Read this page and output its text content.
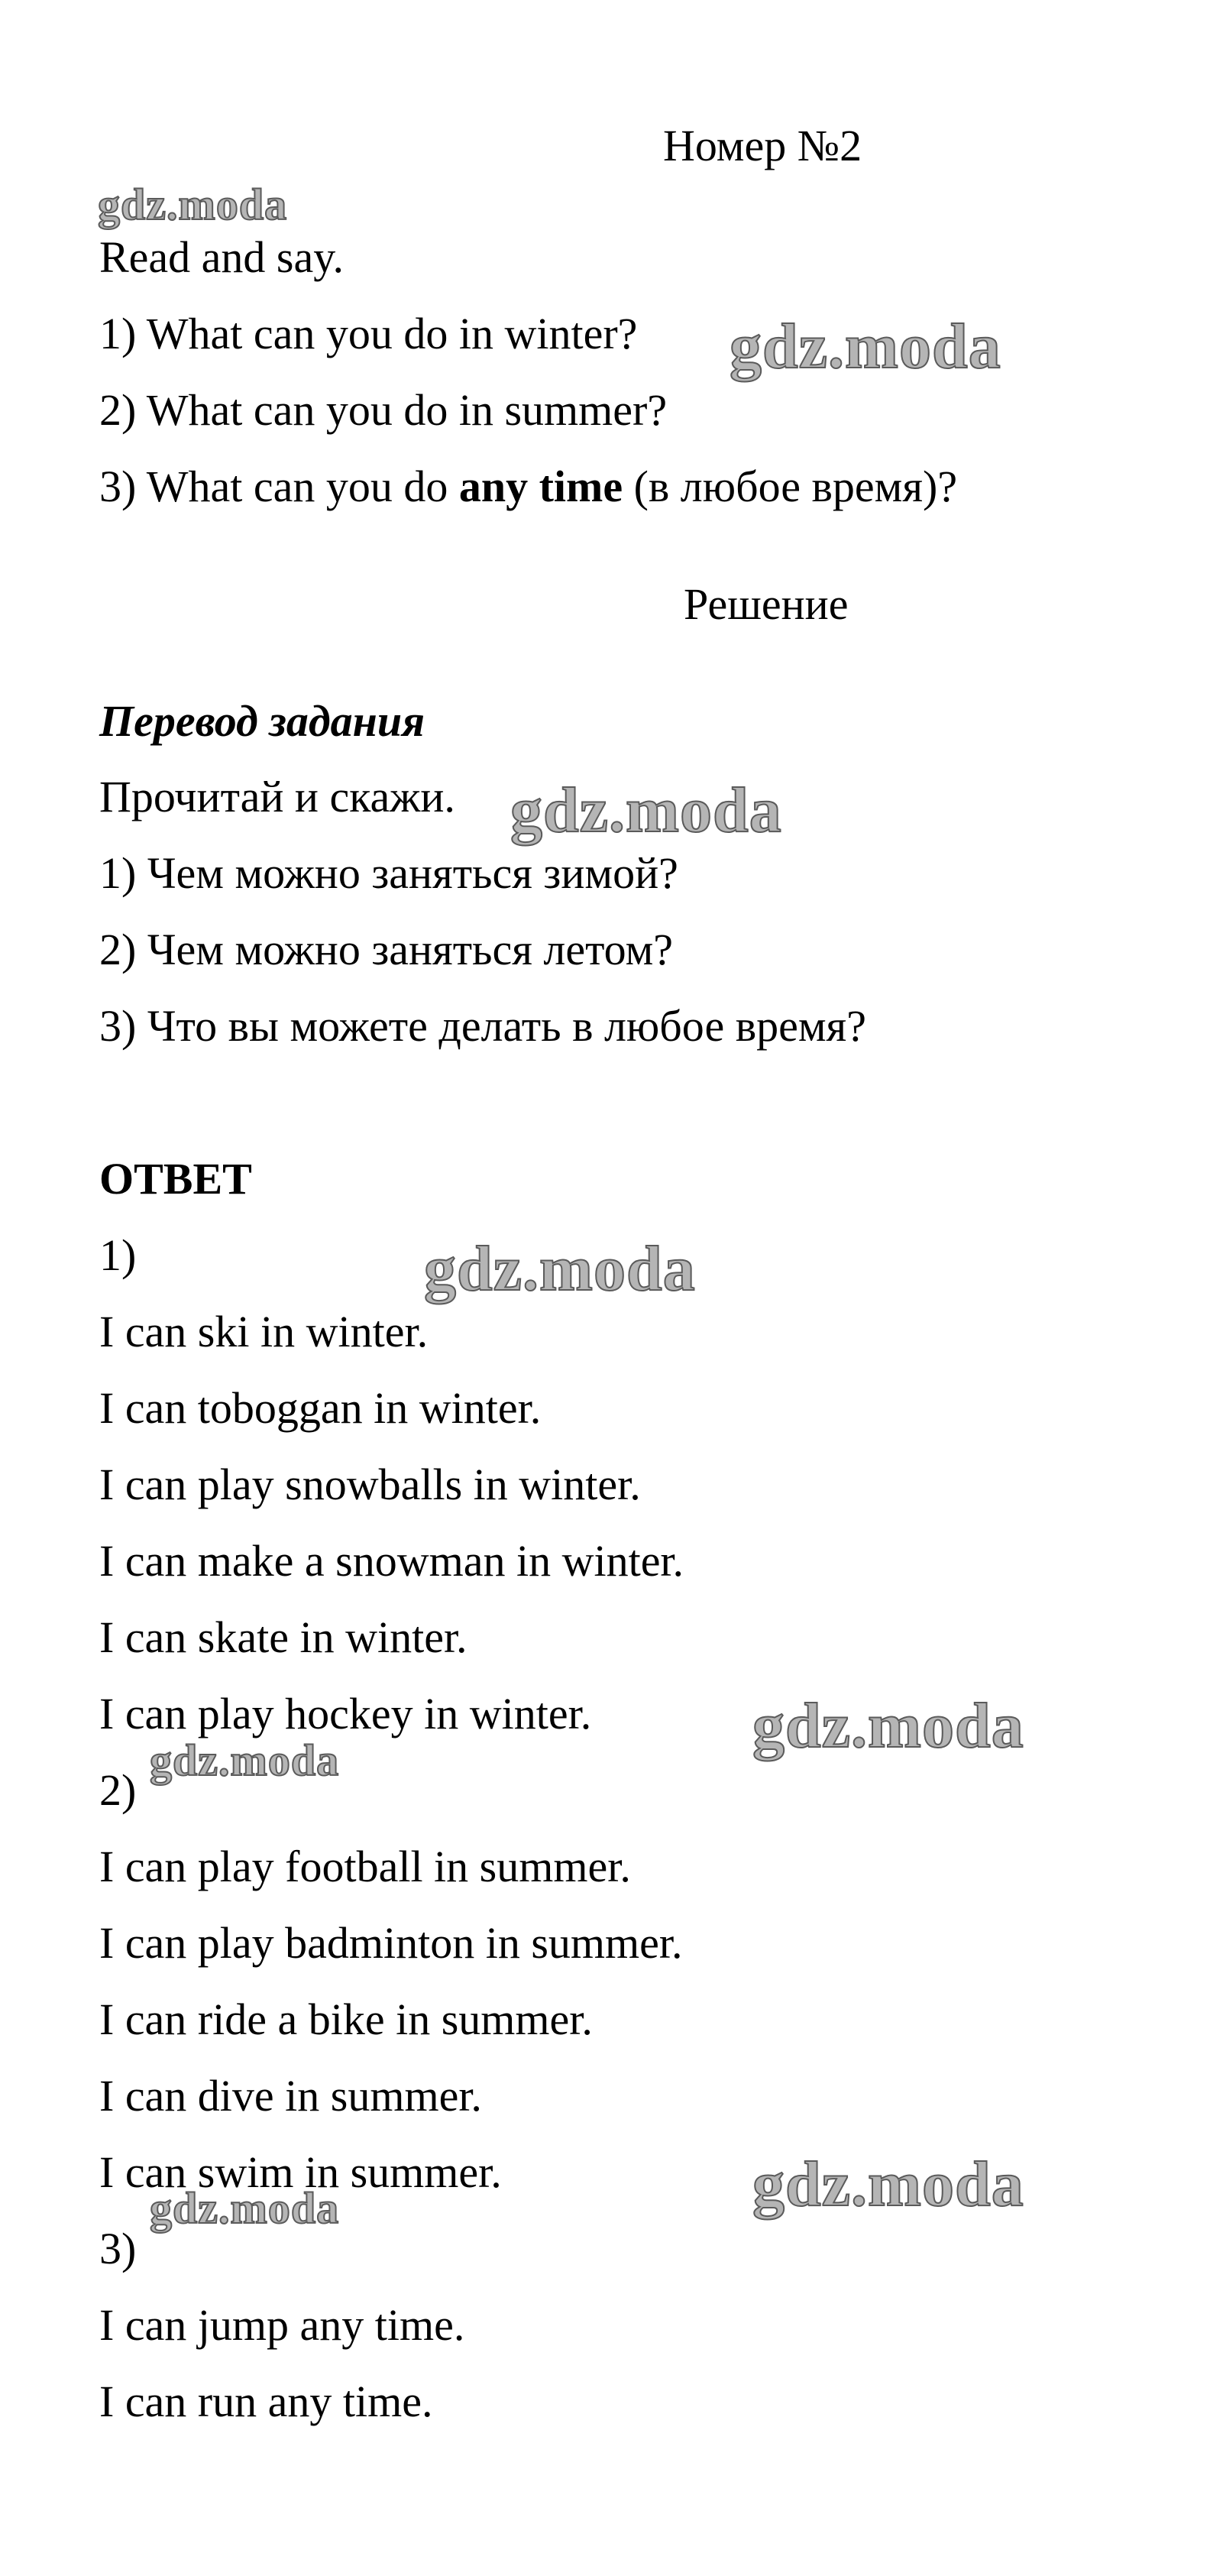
Номер №2
Read and say.
1) What can you do in winter?
2) What can you do in summer?
3) What can you do any time (в любое время)?
Решение
Перевод задания
Прочитай и скажи.
1) Чем можно заняться зимой?
2) Чем можно заняться летом?
3) Что вы можете делать в любое время?
ОТВЕТ
1)
I can ski in winter.
I can toboggan in winter.
I can play snowballs in winter.
I can make a snowman in winter.
I can skate in winter.
I can play hockey in winter.
2)
I can play football in summer.
I can play badminton in summer.
I can ride a bike in summer.
I can dive in summer.
I can swim in summer.
3)
I can jump any time.
I can run any time.
gdz.moda
gdz.moda
gdz.moda
gdz.moda
gdz.moda
gdz.moda
gdz.moda
gdz.moda
